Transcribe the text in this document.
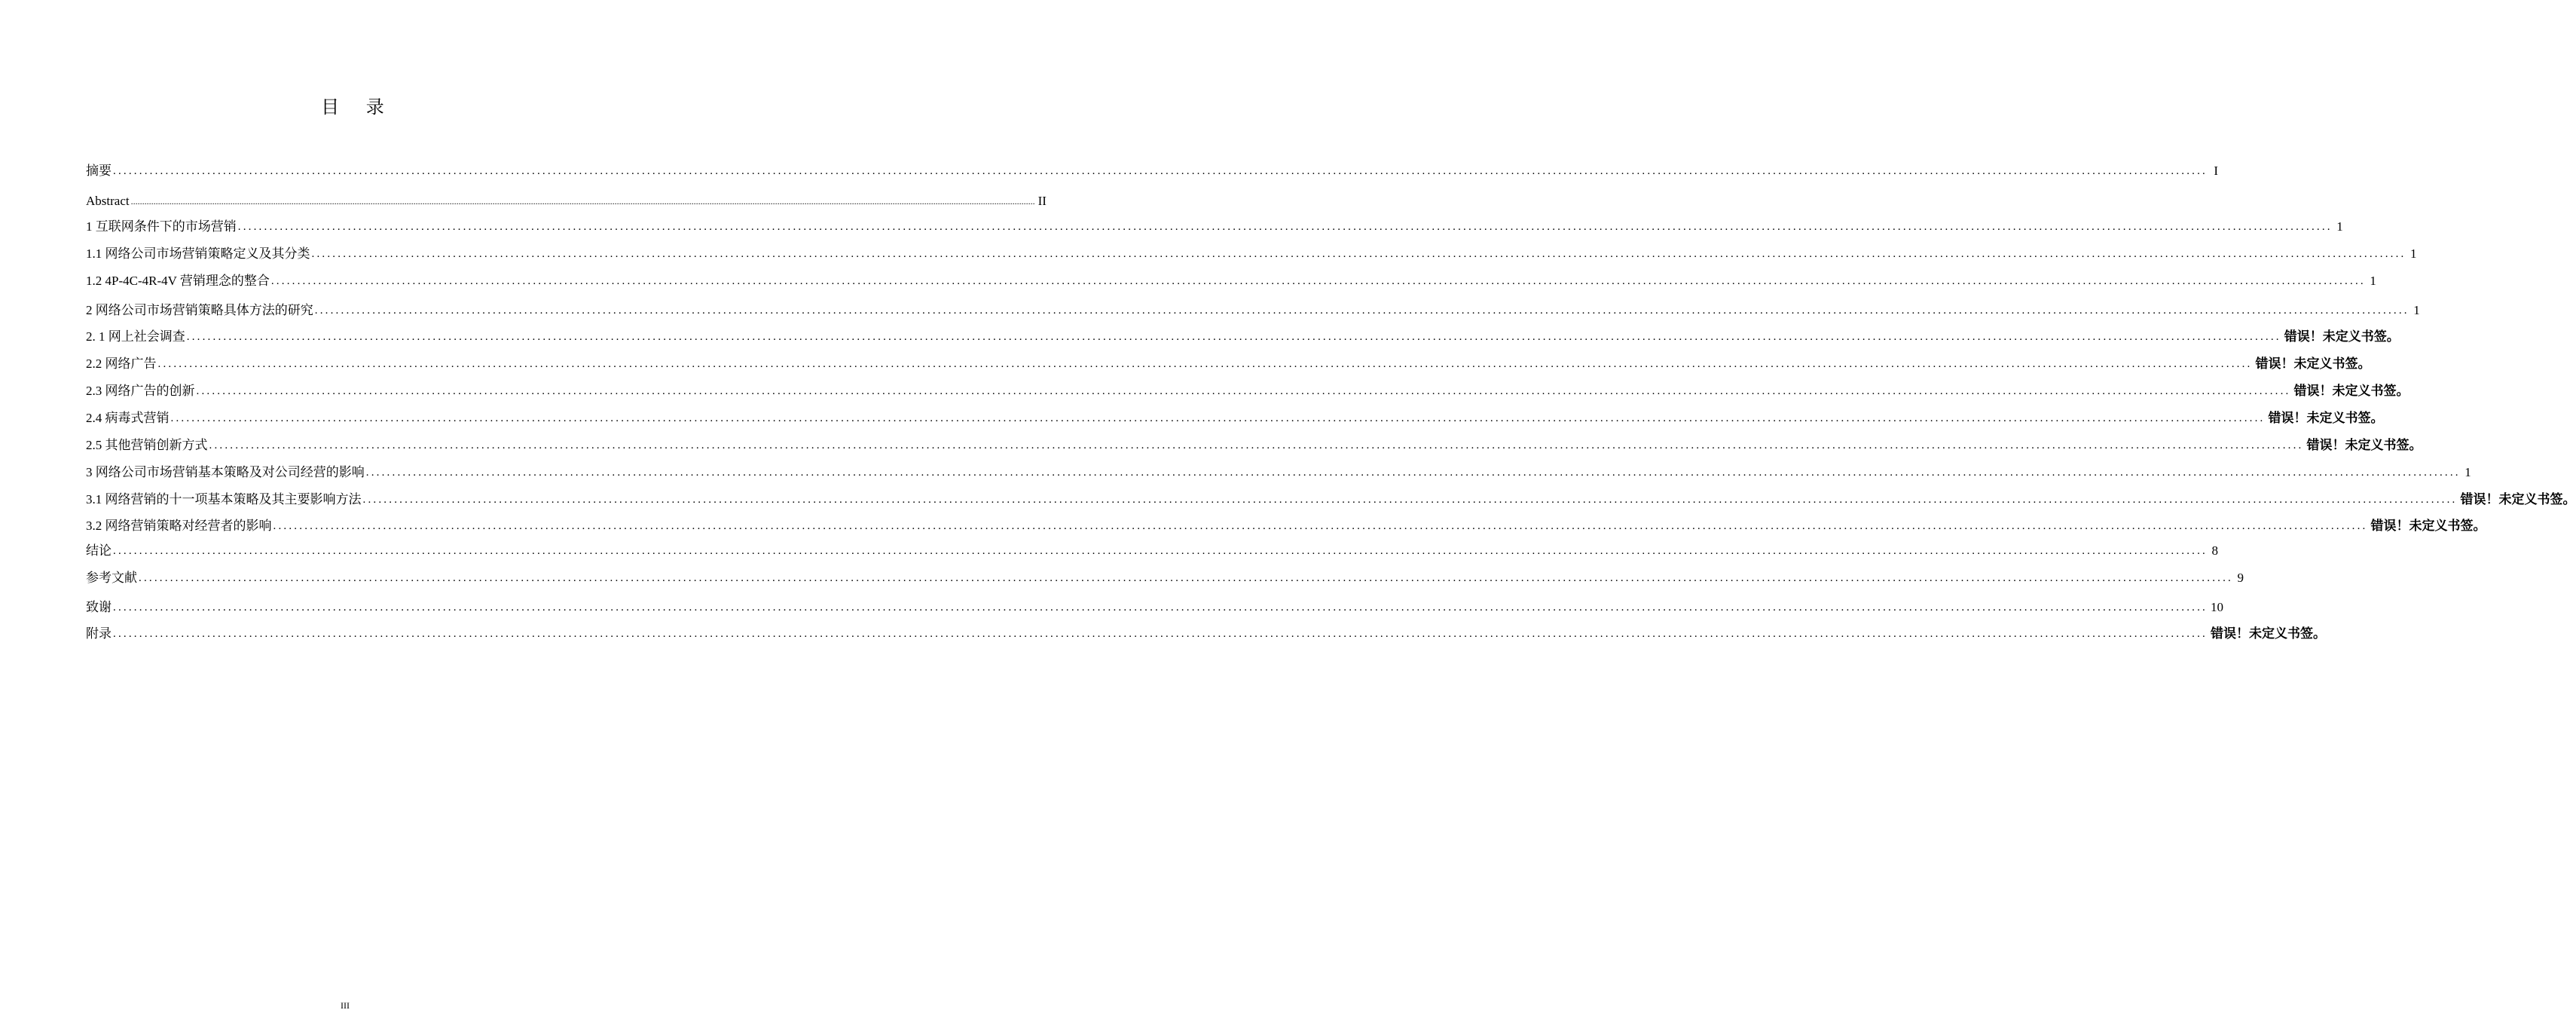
目 录
摘要 ................................................................................................................................................................................................................................................................................................................................................................................................................ I
Abstract ................................................................................................................................................................................................................................................................................................................................................................................................................ II
1 互联网条件下的市场营销 ................................................................................................................................................................................................................................................................................................................................................................................................................ 1
1.1 网络公司市场营销策略定义及其分类 ................................................................................................................................................................................................................................................................................................................................................................................................................ 1
1.2 4P-4C-4R-4V 营销理念的整合 ................................................................................................................................................................................................................................................................................................................................................................................................................ 1
2 网络公司市场营销策略具体方法的研究 ................................................................................................................................................................................................................................................................................................................................................................................................................ 1
2. 1 网上社会调查 ................................................................................................................................................................................................................................................................................................................................................................................................................ 错误！未定义书签。
2.2 网络广告 ................................................................................................................................................................................................................................................................................................................................................................................................................ 错误！未定义书签。
2.3 网络广告的创新 ................................................................................................................................................................................................................................................................................................................................................................................................................ 错误！未定义书签。
2.4 病毒式营销 ................................................................................................................................................................................................................................................................................................................................................................................................................ 错误！未定义书签。
2.5 其他营销创新方式 ................................................................................................................................................................................................................................................................................................................................................................................................................ 错误！未定义书签。
3 网络公司市场营销基本策略及对公司经营的影响 ................................................................................................................................................................................................................................................................................................................................................................................................................ 1
3.1 网络营销的十一项基本策略及其主要影响方法 ................................................................................................................................................................................................................................................................................................................................................................................................................ 错误！未定义书签。
3.2 网络营销策略对经营者的影响 ................................................................................................................................................................................................................................................................................................................................................................................................................ 错误！未定义书签。
结论 ................................................................................................................................................................................................................................................................................................................................................................................................................ 8
参考文献 ................................................................................................................................................................................................................................................................................................................................................................................................................ 9
致谢 ................................................................................................................................................................................................................................................................................................................................................................................................................ 10
附录 ................................................................................................................................................................................................................................................................................................................................................................................................................ 错误！未定义书签。
III
